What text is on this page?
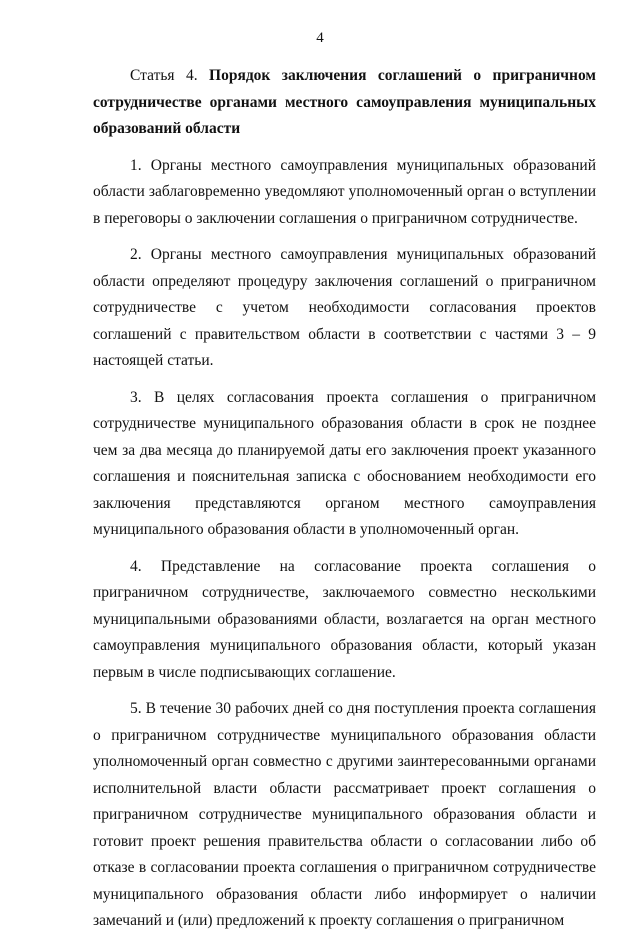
4

Статья 4. Порядок заключения соглашений о приграничном сотрудничестве органами местного самоуправления муниципальных образований области

1. Органы местного самоуправления муниципальных образований области заблаговременно уведомляют уполномоченный орган о вступлении в переговоры о заключении соглашения о приграничном сотрудничестве.

2. Органы местного самоуправления муниципальных образований области определяют процедуру заключения соглашений о приграничном сотрудничестве с учетом необходимости согласования проектов соглашений с правительством области в соответствии с частями 3 – 9 настоящей статьи.

3. В целях согласования проекта соглашения о приграничном сотрудничестве муниципального образования области в срок не позднее чем за два месяца до планируемой даты его заключения проект указанного соглашения и пояснительная записка с обоснованием необходимости его заключения представляются органом местного самоуправления муниципального образования области в уполномоченный орган.

4. Представление на согласование проекта соглашения о приграничном сотрудничестве, заключаемого совместно несколькими муниципальными образованиями области, возлагается на орган местного самоуправления муниципального образования области, который указан первым в числе подписывающих соглашение.

5. В течение 30 рабочих дней со дня поступления проекта соглашения о приграничном сотрудничестве муниципального образования области уполномоченный орган совместно с другими заинтересованными органами исполнительной власти области рассматривает проект соглашения о приграничном сотрудничестве муниципального образования области и готовит проект решения правительства области о согласовании либо об отказе в согласовании проекта соглашения о приграничном сотрудничестве муниципального образования области либо информирует о наличии замечаний и (или) предложений к проекту соглашения о приграничном
